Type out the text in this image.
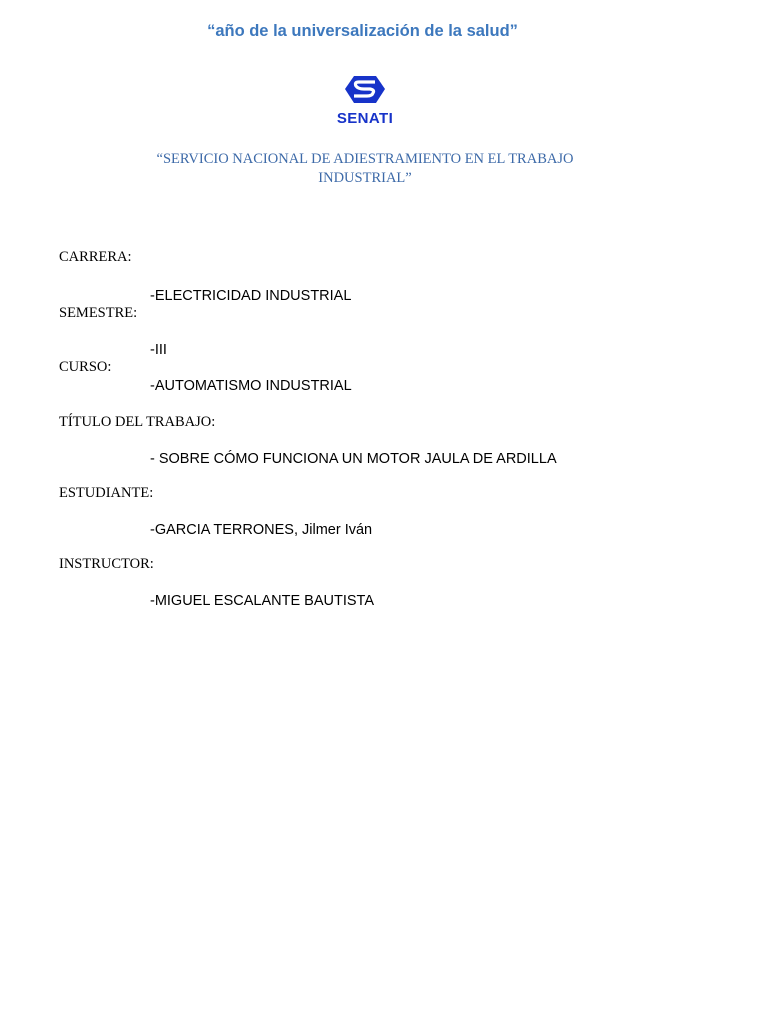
“año de la universalización de la salud”
SENATI
“SERVICIO NACIONAL DE ADIESTRAMIENTO EN EL TRABAJO INDUSTRIAL”
CARRERA:
-ELECTRICIDAD INDUSTRIAL
SEMESTRE:
-III
CURSO:
-AUTOMATISMO INDUSTRIAL
TÍTULO DEL TRABAJO:
- SOBRE CÓMO FUNCIONA UN MOTOR JAULA DE ARDILLA
ESTUDIANTE:
-GARCIA TERRONES, Jilmer Iván
INSTRUCTOR:
-MIGUEL ESCALANTE BAUTISTA
